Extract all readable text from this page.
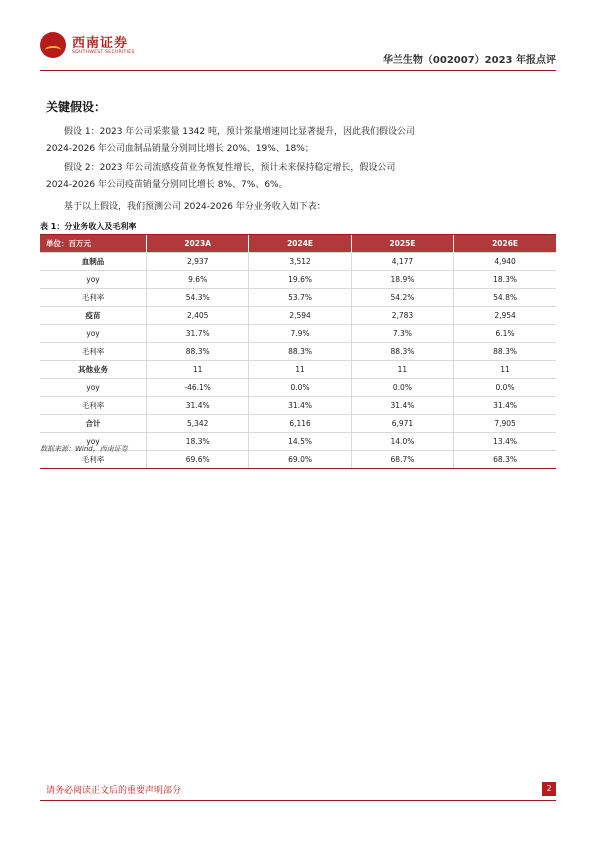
西南证券
SOUTHWEST SECURITIES
华兰生物（002007）2023 年报点评
关键假设：
假设 1：2023 年公司采浆量 1342 吨，预计浆量增速同比显著提升，因此我们假设公司
2024-2026 年公司血制品销量分别同比增长 20%、19%、18%；
假设 2：2023 年公司流感疫苗业务恢复性增长，预计未来保持稳定增长，假设公司
2024-2026 年公司疫苗销量分别同比增长 8%、7%、6%。
基于以上假设，我们预测公司 2024-2026 年分业务收入如下表：
表 1：分业务收入及毛利率
单位：百万元	2023A	2024E	2025E	2026E
血制品	2,937	3,512	4,177	4,940
yoy	9.6%	19.6%	18.9%	18.3%
毛利率	54.3%	53.7%	54.2%	54.8%
疫苗	2,405	2,594	2,783	2,954
yoy	31.7%	7.9%	7.3%	6.1%
毛利率	88.3%	88.3%	88.3%	88.3%
其他业务	11	11	11	11
yoy	-46.1%	0.0%	0.0%	0.0%
毛利率	31.4%	31.4%	31.4%	31.4%
合计	5,342	6,116	6,971	7,905
yoy	18.3%	14.5%	14.0%	13.4%
毛利率	69.6%	69.0%	68.7%	68.3%
数据来源：Wind，西南证券
请务必阅读正文后的重要声明部分	2
